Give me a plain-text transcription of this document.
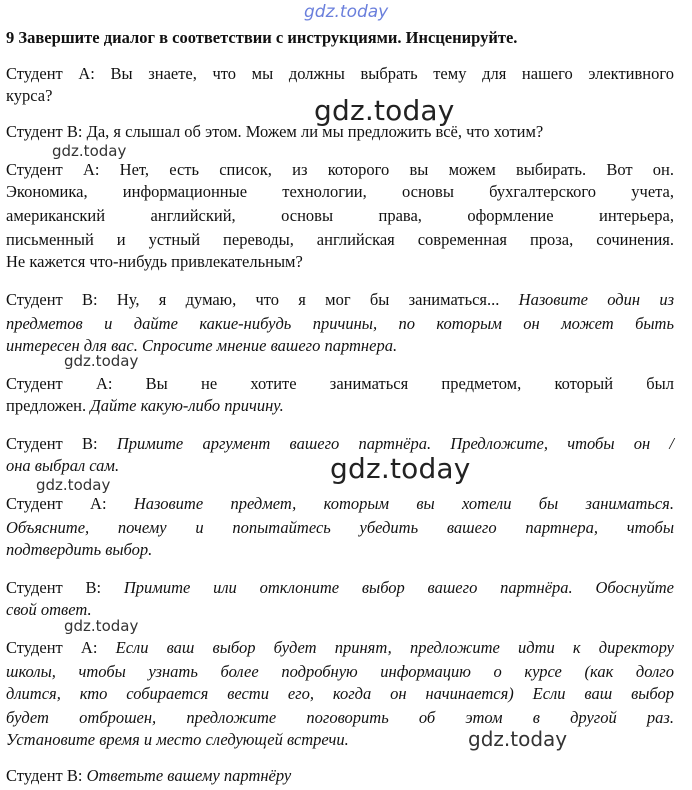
gdz.today
gdz.today
gdz.today
gdz.today
gdz.today
gdz.today
gdz.today
gdz.today
9 Завершите диалог в соответствии с инструкциями. Инсценируйте.
Студент А: Вы знаете, что мы должны выбрать тему для нашего элективного
курса?
Студент В: Да, я слышал об этом. Можем ли мы предложить всё, что хотим?
Студент А: Нет, есть список, из которого вы можем выбирать. Вот он.
Экономика, информационные технологии, основы бухгалтерского учета,
американский английский, основы права, оформление интерьера,
письменный и устный переводы, английская современная проза, сочинения.
Не кажется что-нибудь привлекательным?
Студент В: Ну, я думаю, что я мог бы заниматься... Назовите один из
предметов и дайте какие-нибудь причины, по которым он может быть
интересен для вас. Спросите мнение вашего партнера.
Студент А: Вы не хотите заниматься предметом, который был
предложен. Дайте какую-либо причину.
Студент В: Примите аргумент вашего партнёра. Предложите, чтобы он /
она выбрал сам.
Студент А: Назовите предмет, которым вы хотели бы заниматься.
Объясните, почему и попытайтесь убедить вашего партнера, чтобы
подтвердить выбор.
Студент В: Примите или отклоните выбор вашего партнёра. Обоснуйте
свой ответ.
Студент А: Если ваш выбор будет принят, предложите идти к директору
школы, чтобы узнать более подробную информацию о курсе (как долго
длится, кто собирается вести его, когда он начинается) Если ваш выбор
будет отброшен, предложите поговорить об этом в другой раз.
Установите время и место следующей встречи.
Студент В: Ответьте вашему партнёру
